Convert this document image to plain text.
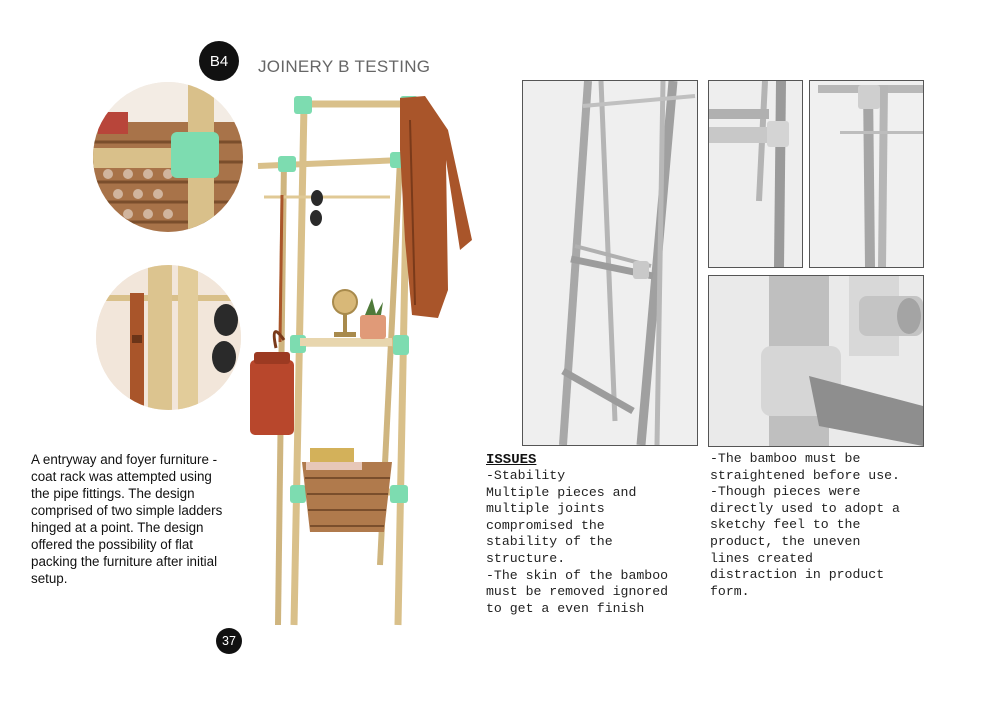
B4 JOINERY B TESTING
A entryway and foyer furniture -
coat rack was attempted using
the pipe fittings. The design
comprised of two simple ladders
hinged at a point. The design
offered the possibility of flat
packing the furniture after initial
setup.
37
ISSUES
-Stability
Multiple pieces and
multiple joints
compromised the
stability of the
structure.
-The skin of the bamboo
must be removed ignored
to get a even finish
-The bamboo must be
straightened before use.
-Though pieces were
directly used to adopt a
sketchy feel to the
product, the uneven
lines created
distraction in product
form.
